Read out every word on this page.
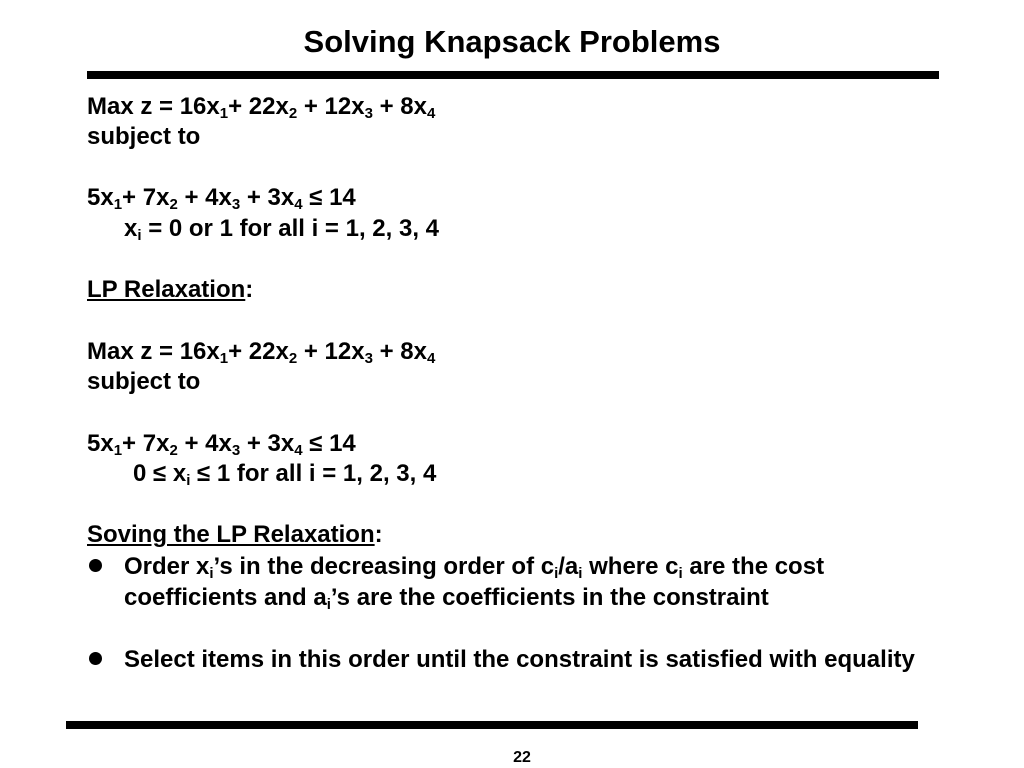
Solving Knapsack Problems
Max $z = 16x_1+ 22x_2 + 12x_3 + 8x_4$
subject to
$5x_1+ 7x_2 + 4x_3 + 3x_4 \le 14$
$x_i = 0$ or 1 for all i = 1, 2, 3, 4
LP Relaxation:
Max $z = 16x_1+ 22x_2 + 12x_3 + 8x_4$
subject to
$5x_1+ 7x_2 + 4x_3 + 3x_4 \le 14$
$0 \le x_i \le 1$ for all i = 1, 2, 3, 4
Soving the LP Relaxation:
Order $x_i’s$ in the decreasing order of $c_i/a_i$ where $c_i$ are the cost coefficients and $a_i’s$ are the coefficients in the constraint
Select items in this order until the constraint is satisfied with equality
22
